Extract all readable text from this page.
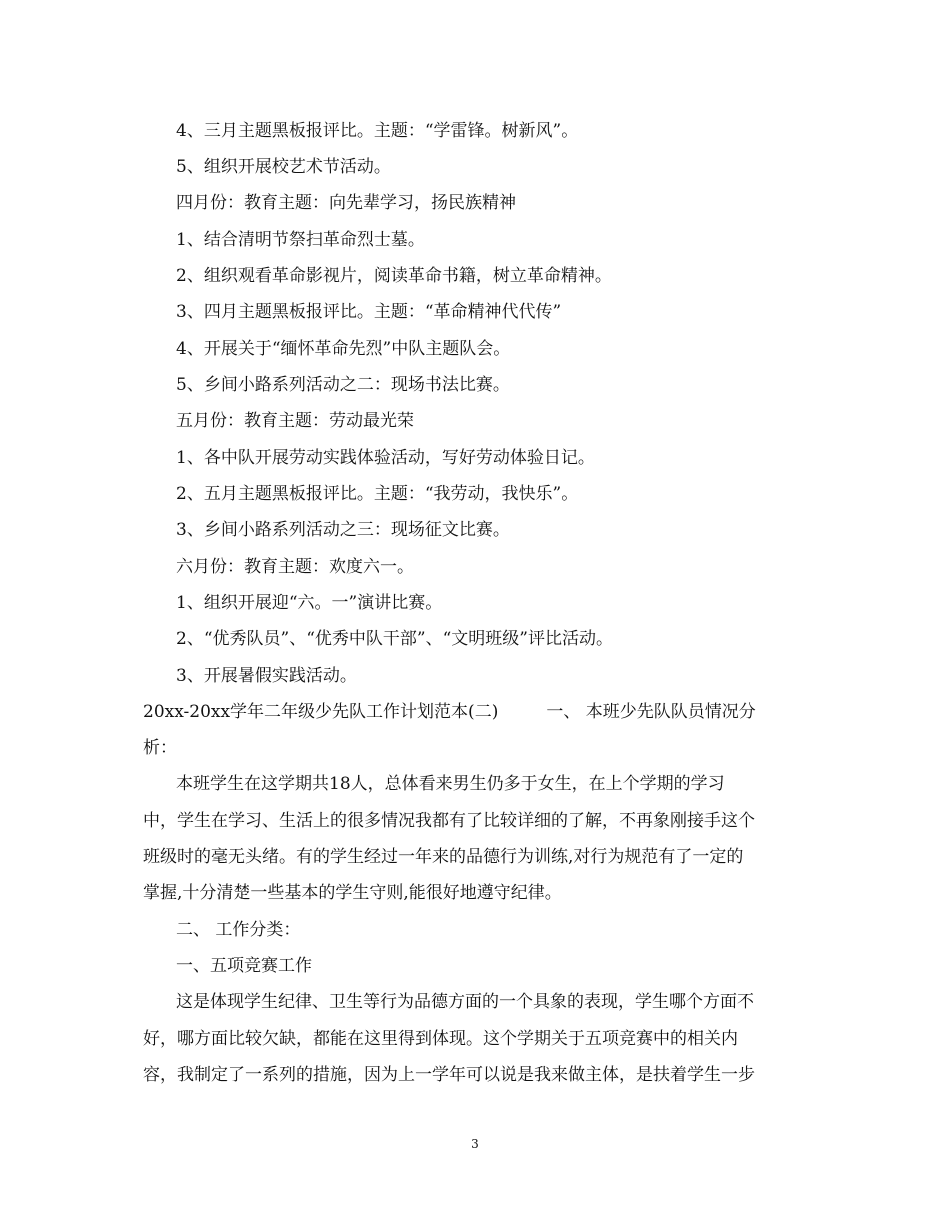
4、三月主题黑板报评比。主题：“学雷锋。树新风”。
5、组织开展校艺术节活动。
四月份：教育主题：向先辈学习，扬民族精神
1、结合清明节祭扫革命烈士墓。
2、组织观看革命影视片，阅读革命书籍，树立革命精神。
3、四月主题黑板报评比。主题：“革命精神代代传”
4、开展关于“缅怀革命先烈”中队主题队会。
5、乡间小路系列活动之二：现场书法比赛。
五月份：教育主题：劳动最光荣
1、各中队开展劳动实践体验活动，写好劳动体验日记。
2、五月主题黑板报评比。主题：“我劳动，我快乐”。
3、乡间小路系列活动之三：现场征文比赛。
六月份：教育主题：欢度六一。
1、组织开展迎“六。一”演讲比赛。
2、“优秀队员”、“优秀中队干部”、“文明班级”评比活动。
3、开展暑假实践活动。
20xx-20xx学年二年级少先队工作计划范本(二)	一、 本班少先队队员情况分
析：
本班学生在这学期共18人，总体看来男生仍多于女生，在上个学期的学习
中，学生在学习、生活上的很多情况我都有了比较详细的了解，不再象刚接手这个
班级时的毫无头绪。有的学生经过一年来的品德行为训练,对行为规范有了一定的
掌握,十分清楚一些基本的学生守则,能很好地遵守纪律。
二、 工作分类：
一、五项竞赛工作
这是体现学生纪律、卫生等行为品德方面的一个具象的表现，学生哪个方面不
好，哪方面比较欠缺，都能在这里得到体现。这个学期关于五项竞赛中的相关内
容，我制定了一系列的措施，因为上一学年可以说是我来做主体，是扶着学生一步
3
